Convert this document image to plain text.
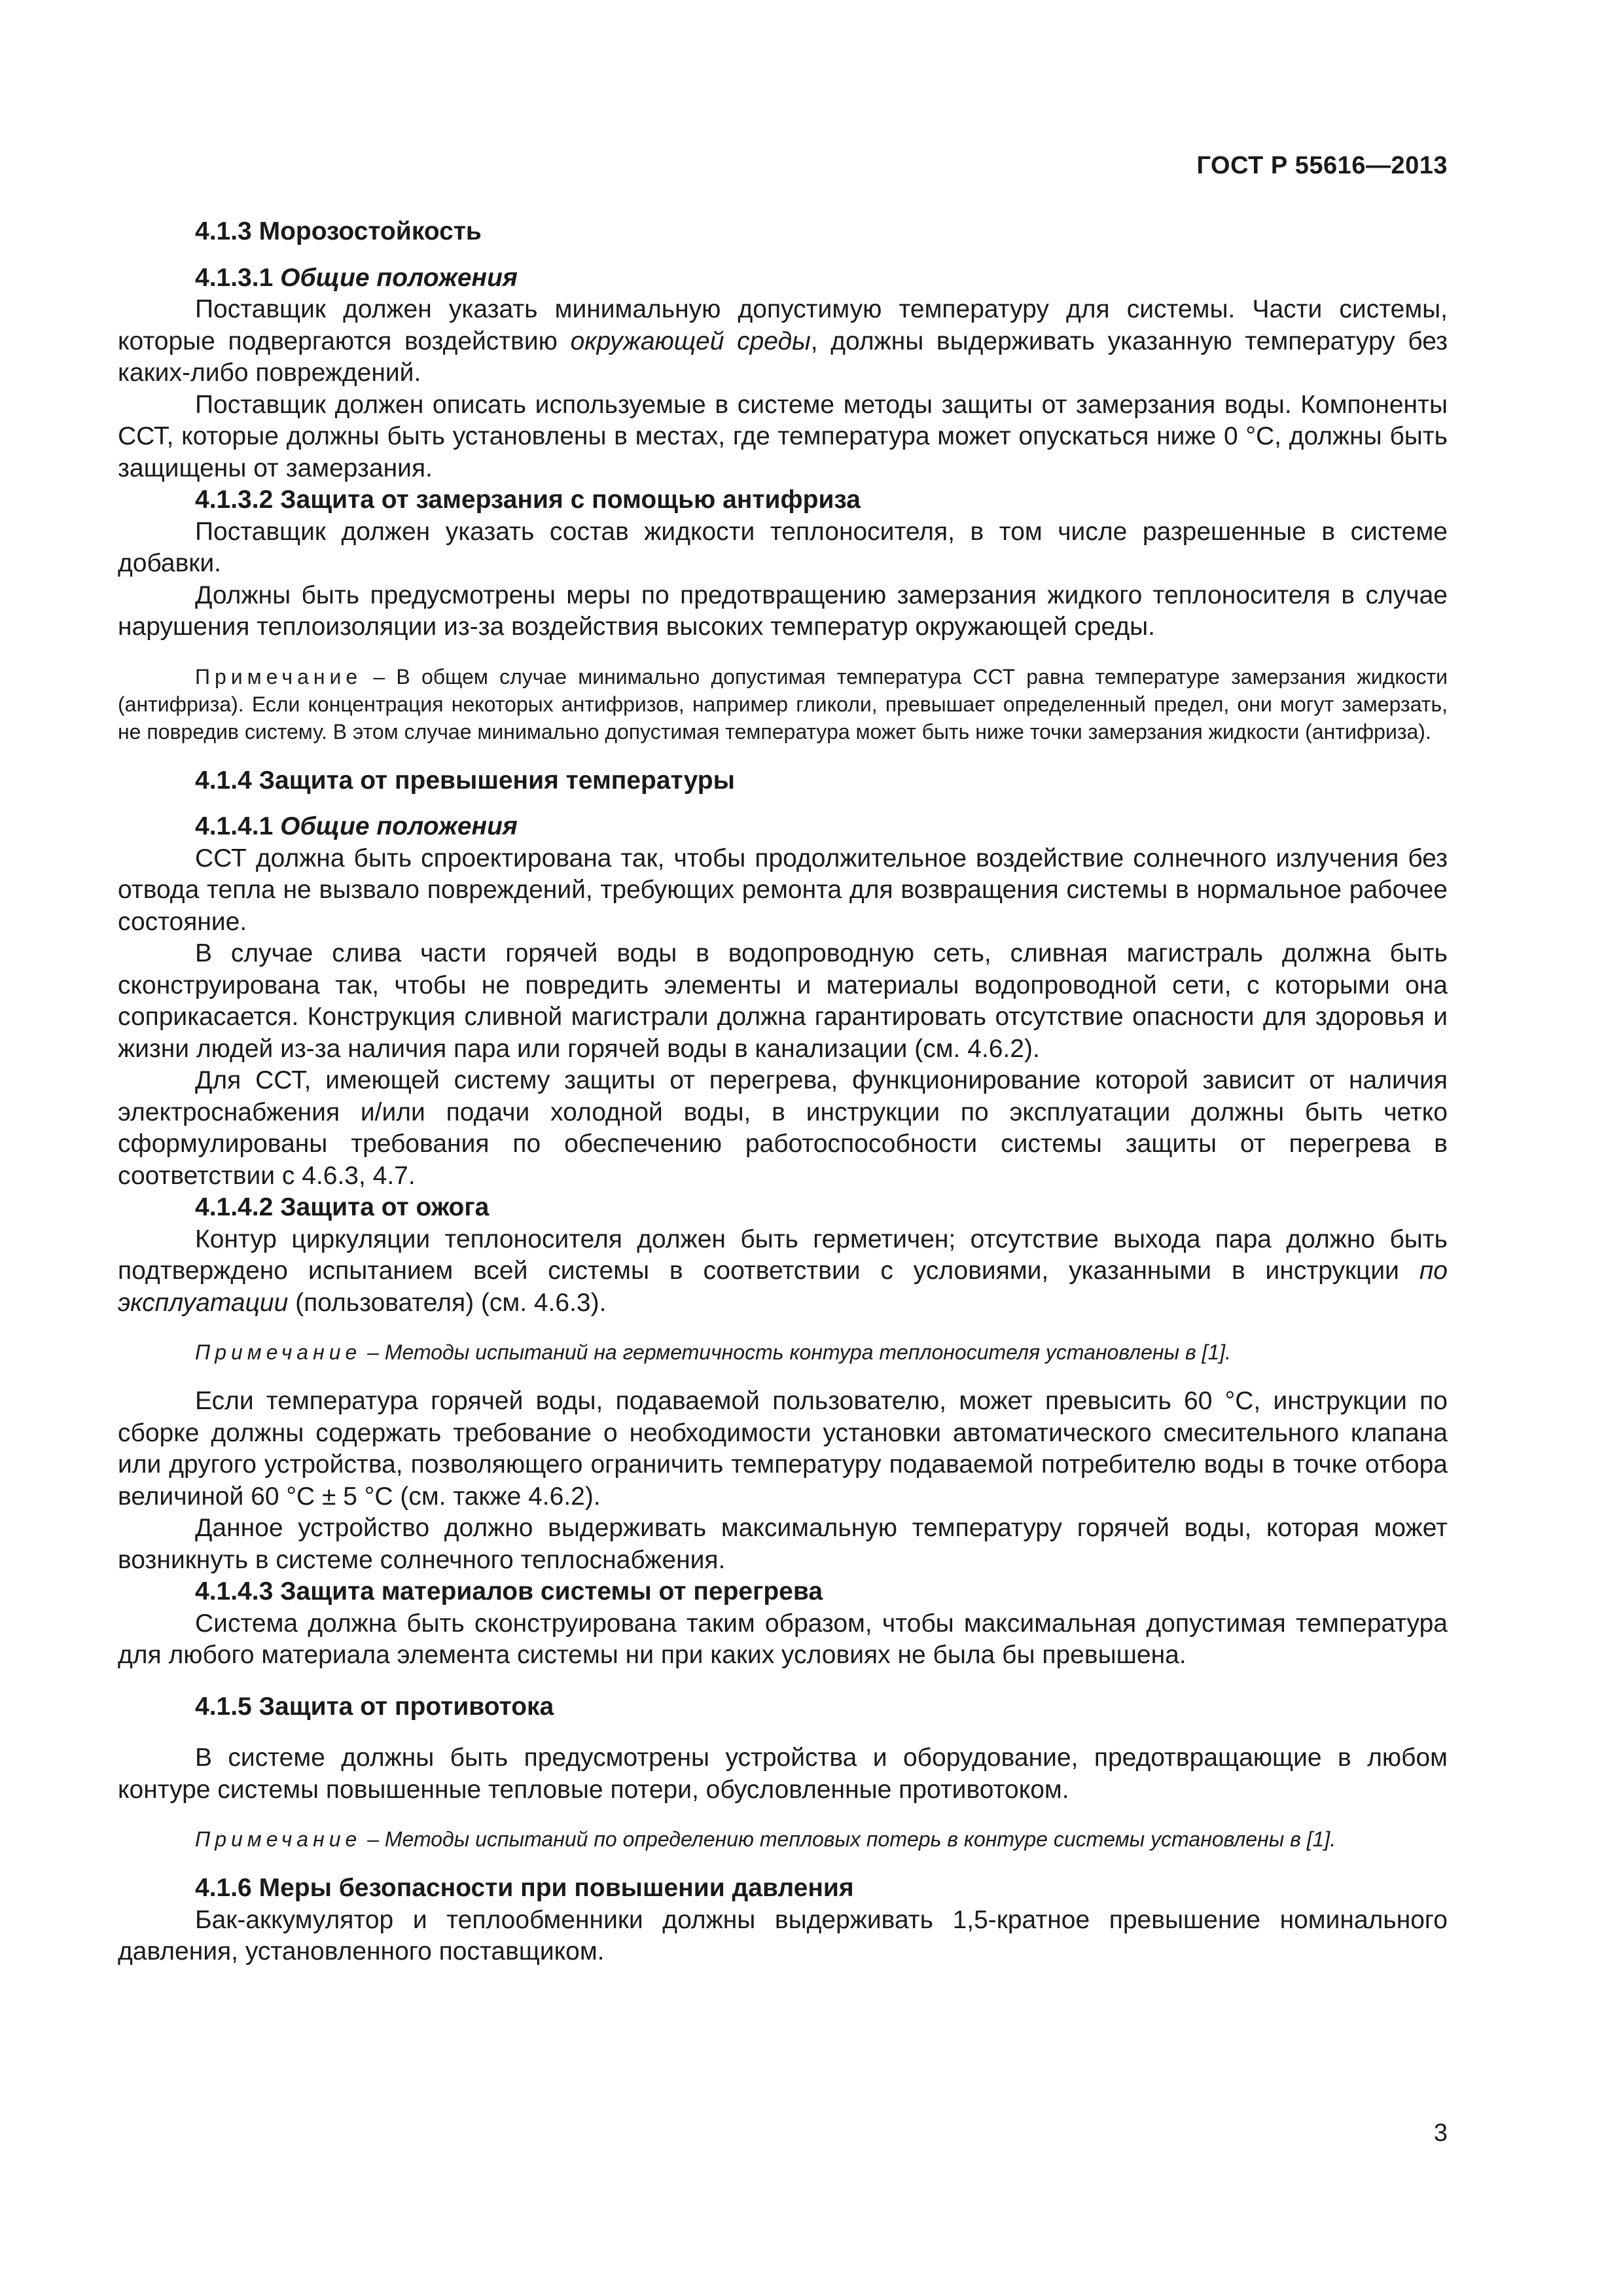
ГОСТ Р 55616—2013

4.1.3 Морозостойкость

4.1.3.1 Общие положения

Поставщик должен указать минимальную допустимую температуру для системы. Части системы, которые подвергаются воздействию окружающей среды, должны выдерживать указанную температуру без каких-либо повреждений.

Поставщик должен описать используемые в системе методы защиты от замерзания воды. Компоненты ССТ, которые должны быть установлены в местах, где температура может опускаться ниже 0 °С, должны быть защищены от замерзания.

4.1.3.2 Защита от замерзания с помощью антифриза

Поставщик должен указать состав жидкости теплоносителя, в том числе разрешенные в системе добавки.

Должны быть предусмотрены меры по предотвращению замерзания жидкого теплоносителя в случае нарушения теплоизоляции из-за воздействия высоких температур окружающей среды.

Примечание – В общем случае минимально допустимая температура ССТ равна температуре замерзания жидкости (антифриза). Если концентрация некоторых антифризов, например гликоли, превышает определенный предел, они могут замерзать, не повредив систему. В этом случае минимально допустимая температура может быть ниже точки замерзания жидкости (антифриза).

4.1.4 Защита от превышения температуры

4.1.4.1 Общие положения

ССТ должна быть спроектирована так, чтобы продолжительное воздействие солнечного излучения без отвода тепла не вызвало повреждений, требующих ремонта для возвращения системы в нормальное рабочее состояние.

В случае слива части горячей воды в водопроводную сеть, сливная магистраль должна быть сконструирована так, чтобы не повредить элементы и материалы водопроводной сети, с которыми она соприкасается. Конструкция сливной магистрали должна гарантировать отсутствие опасности для здоровья и жизни людей из-за наличия пара или горячей воды в канализации (см. 4.6.2).

Для ССТ, имеющей систему защиты от перегрева, функционирование которой зависит от наличия электроснабжения и/или подачи холодной воды, в инструкции по эксплуатации должны быть четко сформулированы требования по обеспечению работоспособности системы защиты от перегрева в соответствии с 4.6.3, 4.7.

4.1.4.2 Защита от ожога

Контур циркуляции теплоносителя должен быть герметичен; отсутствие выхода пара должно быть подтверждено испытанием всей системы в соответствии с условиями, указанными в инструкции по эксплуатации (пользователя) (см. 4.6.3).

Примечание – Методы испытаний на герметичность контура теплоносителя установлены в [1].

Если температура горячей воды, подаваемой пользователю, может превысить 60 °С, инструкции по сборке должны содержать требование о необходимости установки автоматического смесительного клапана или другого устройства, позволяющего ограничить температуру подаваемой потребителю воды в точке отбора величиной 60 °С ± 5 °С (см. также 4.6.2).

Данное устройство должно выдерживать максимальную температуру горячей воды, которая может возникнуть в системе солнечного теплоснабжения.

4.1.4.3 Защита материалов системы от перегрева

Система должна быть сконструирована таким образом, чтобы максимальная допустимая температура для любого материала элемента системы ни при каких условиях не была бы превышена.

4.1.5 Защита от противотока

В системе должны быть предусмотрены устройства и оборудование, предотвращающие в любом контуре системы повышенные тепловые потери, обусловленные противотоком.

Примечание – Методы испытаний по определению тепловых потерь в контуре системы установлены в [1].

4.1.6 Меры безопасности при повышении давления

Бак-аккумулятор и теплообменники должны выдерживать 1,5-кратное превышение номинального давления, установленного поставщиком.

3
